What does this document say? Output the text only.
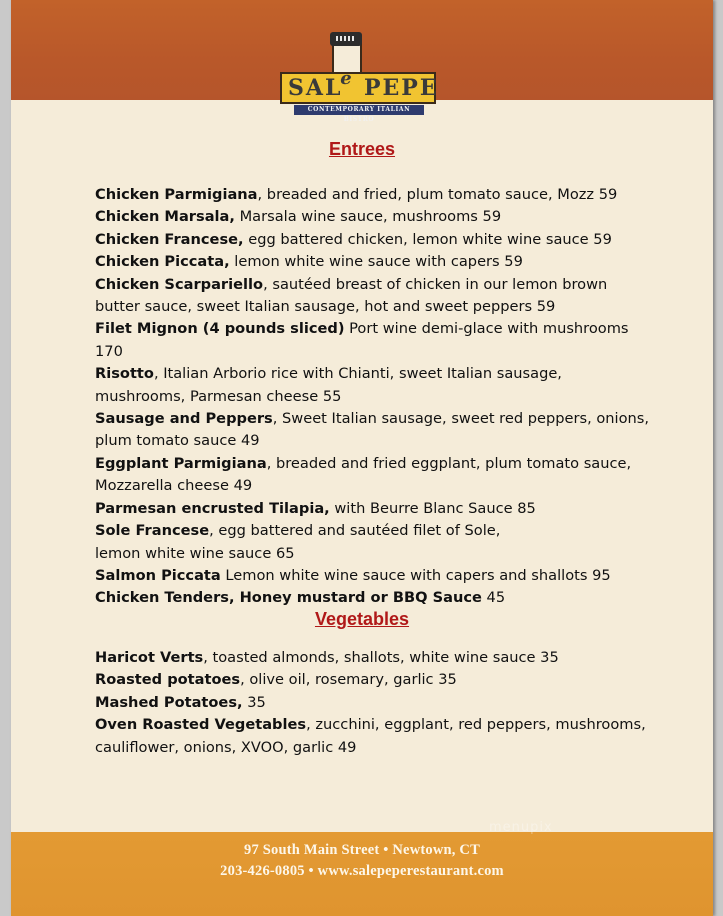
SAL
e PEPE
CONTEMPORARY ITALIAN BISTRO
Entrees
Chicken Parmigiana, breaded and fried, plum tomato sauce, Mozz 59
Chicken Marsala, Marsala wine sauce, mushrooms 59
Chicken Francese, egg battered chicken, lemon white wine sauce 59
Chicken Piccata, lemon white wine sauce with capers 59
Chicken Scarpariello, sautéed breast of chicken in our lemon brown butter sauce, sweet Italian sausage, hot and sweet peppers 59
Filet Mignon (4 pounds sliced) Port wine demi-glace with mushrooms 170
Risotto, Italian Arborio rice with Chianti, sweet Italian sausage, mushrooms, Parmesan cheese 55
Sausage and Peppers, Sweet Italian sausage, sweet red peppers, onions, plum tomato sauce 49
Eggplant Parmigiana, breaded and fried eggplant, plum tomato sauce, Mozzarella cheese 49
Parmesan encrusted Tilapia, with Beurre Blanc Sauce 85
Sole Francese, egg battered and sautéed filet of Sole,
lemon white wine sauce 65
Salmon Piccata Lemon white wine sauce with capers and shallots 95
Chicken Tenders, Honey mustard or BBQ Sauce 45
Vegetables
Haricot Verts, toasted almonds, shallots, white wine sauce 35
Roasted potatoes, olive oil, rosemary, garlic 35
Mashed Potatoes, 35
Oven Roasted Vegetables, zucchini, eggplant, red peppers, mushrooms, cauliflower, onions, XVOO, garlic 49
menupix
97 South Main Street • Newtown, CT
203-426-0805 • www.salepeperestaurant.com
